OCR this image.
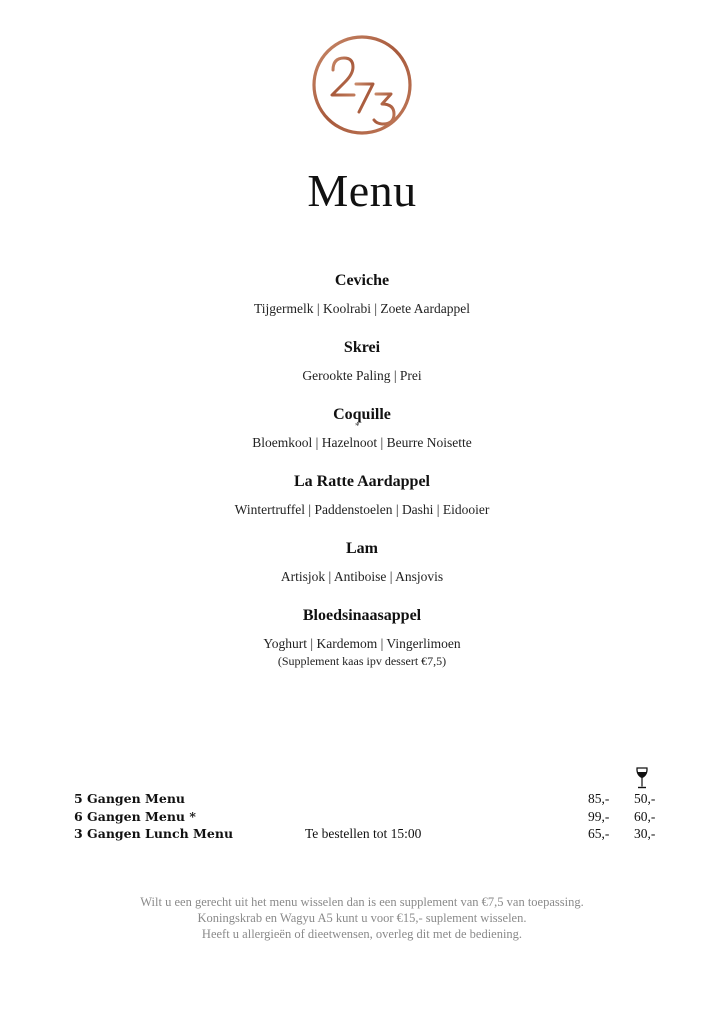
273
Menu
Ceviche
Tijgermelk | Koolrabi | Zoete Aardappel
Skrei
Gerookte Paling | Prei
Coquille
Bloemkool | Hazelnoot | Beurre Noisette
La Ratte Aardappel
Wintertruffel | Paddenstoelen | Dashi | Eidooier
Lam
Artisjok | Antiboise | Ansjovis
Bloedsinaasappel
Yoghurt | Kardemom | Vingerlimoen
(Supplement kaas ipv dessert €7,5)
*
5 Gangen Menu	85,- 50,-
6 Gangen Menu *	99,- 60,-
3 Gangen Lunch Menu	Te bestellen tot 15:00	65,- 30,-
Wilt u een gerecht uit het menu wisselen dan is een supplement van €7,5 van toepassing.
Koningskrab en Wagyu A5 kunt u voor €15,- suplement wisselen.
Heeft u allergieën of dieetwensen, overleg dit met de bediening.
